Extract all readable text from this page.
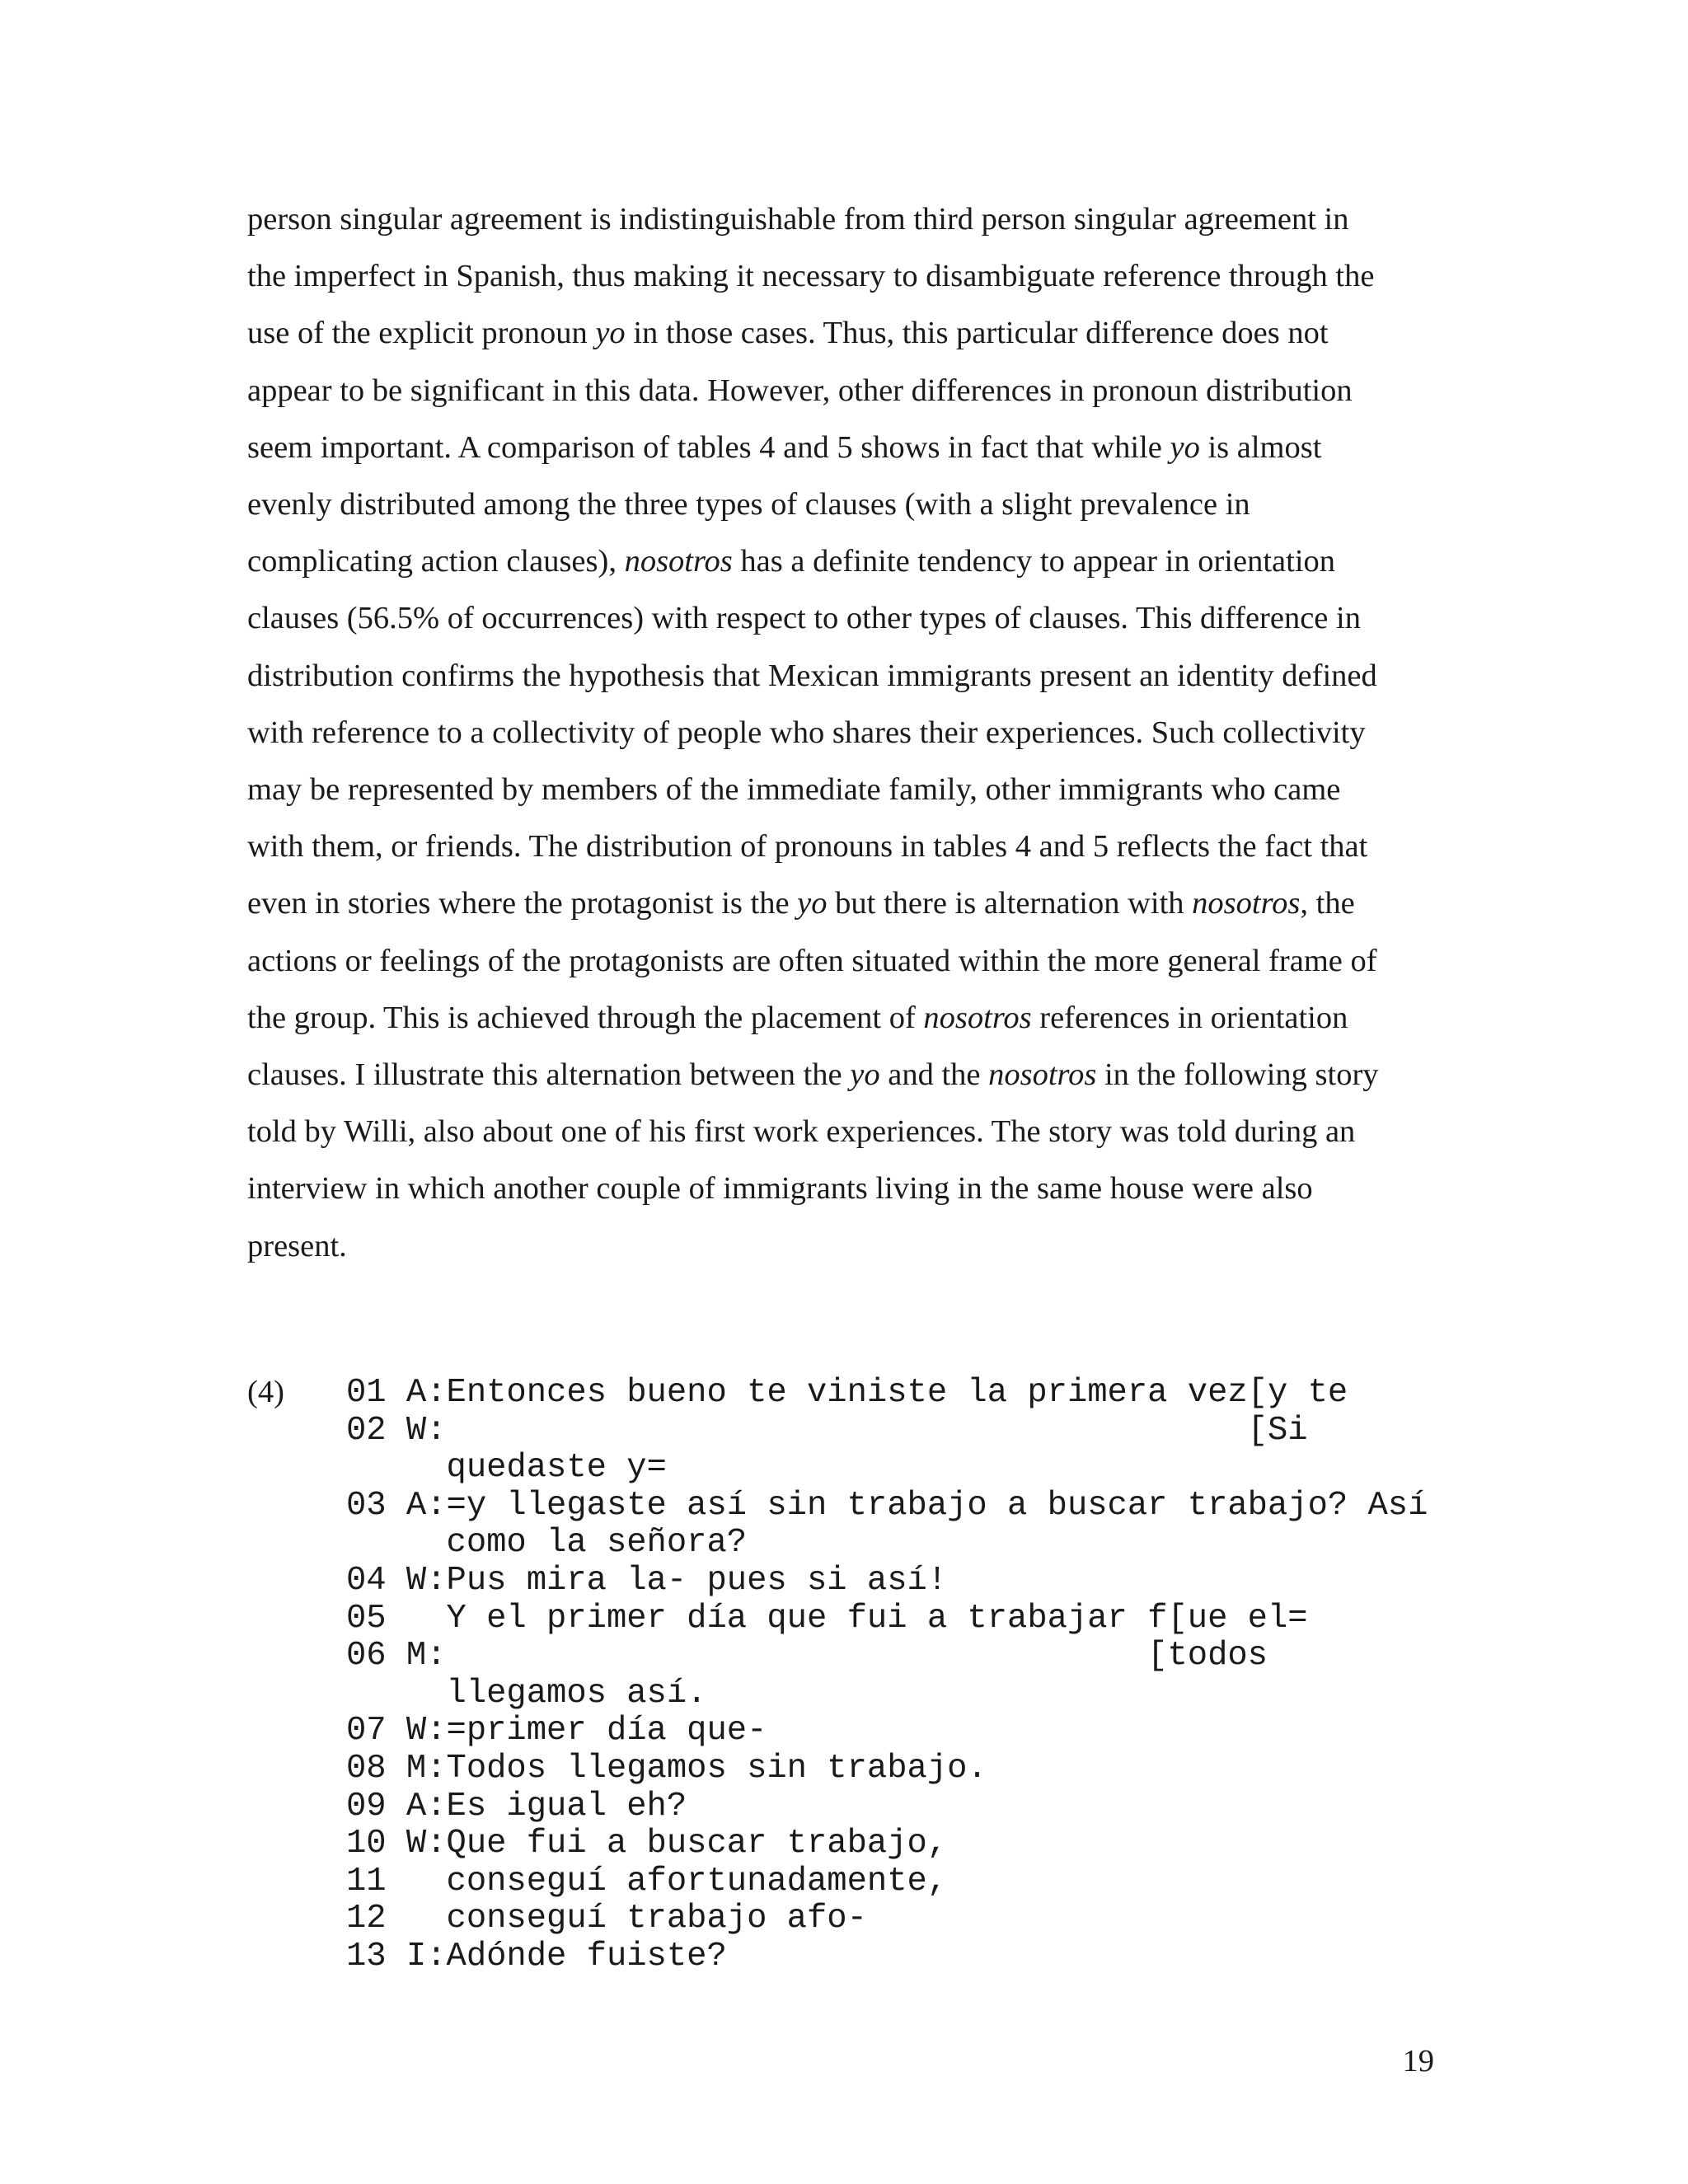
person singular agreement is indistinguishable from third person singular agreement in
the imperfect in Spanish, thus making it necessary to disambiguate reference through the
use of the explicit pronoun yo in those cases. Thus, this particular difference does not
appear to be significant in this data. However, other differences in pronoun distribution
seem important. A comparison of tables 4 and 5 shows in fact that while yo is almost
evenly distributed among the three types of clauses (with a slight prevalence in
complicating action clauses), nosotros has a definite tendency to appear in orientation
clauses (56.5% of occurrences) with respect to other types of clauses. This difference in
distribution confirms the hypothesis that Mexican immigrants present an identity defined
with reference to a collectivity of people who shares their experiences. Such collectivity
may be represented by members of the immediate family, other immigrants who came
with them, or friends. The distribution of pronouns in tables 4 and 5 reflects the fact that
even in stories where the protagonist is the yo but there is alternation with nosotros, the
actions or feelings of the protagonists are often situated within the more general frame of
the group. This is achieved through the placement of nosotros references in orientation
clauses. I illustrate this alternation between the yo and the nosotros in the following story
told by Willi, also about one of his first work experiences. The story was told during an
interview in which another couple of immigrants living in the same house were also
present.
(4) 01 A:Entonces bueno te viniste la primera vez[y te
02 W:                                        [Si
quedaste y=
03 A:=y llegaste así sin trabajo a buscar trabajo? Así
como la señora?
04 W:Pus mira la- pues si así!
05   Y el primer día que fui a trabajar f[ue el=
06 M:                                   [todos
llegamos así.
07 W:=primer día que-
08 M:Todos llegamos sin trabajo.
09 A:Es igual eh?
10 W:Que fui a buscar trabajo,
11   conseguí afortunadamente,
12   conseguí trabajo afo-
13 I:Adónde fuiste?
19
